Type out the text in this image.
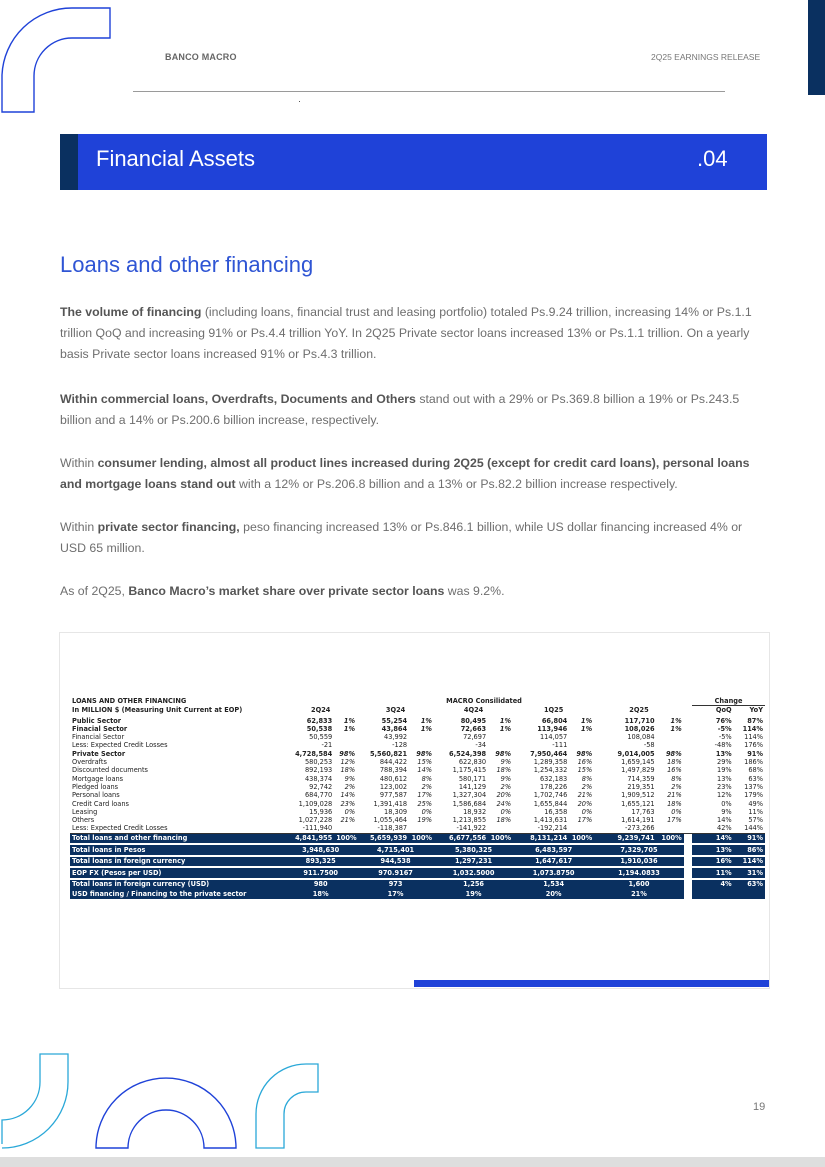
BANCO MACRO	2Q25 EARNINGS RELEASE
Financial Assets	.04
Loans and other financing
The volume of financing (including loans, financial trust and leasing portfolio) totaled Ps.9.24 trillion, increasing 14% or Ps.1.1 trillion QoQ and increasing 91% or Ps.4.4 trillion YoY. In 2Q25 Private sector loans increased 13% or Ps.1.1 trillion. On a yearly basis Private sector loans increased 91% or Ps.4.3 trillion.
Within commercial loans, Overdrafts, Documents and Others stand out with a 29% or Ps.369.8 billion a 19% or Ps.243.5 billion and a 14% or Ps.200.6 billion increase, respectively.
Within consumer lending, almost all product lines increased during 2Q25 (except for credit card loans), personal loans and mortgage loans stand out with a 12% or Ps.206.8 billion and a 13% or Ps.82.2 billion increase respectively.
Within private sector financing, peso financing increased 13% or Ps.846.1 billion, while US dollar financing increased 4% or USD 65 million.
As of 2Q25, Banco Macro’s market share over private sector loans was 9.2%.
LOANS AND OTHER FINANCING	MACRO Consilidated											Change	
In MILLION $ (Measuring Unit Current at EOP)	2Q24		3Q24		4Q24		1Q25		2Q25			QoQ	YoY

Public Sector	62,833	1%	55,254	1%	80,495	1%	66,804	1%	117,710	1%		76%	87%
Finacial Sector	50,538	1%	43,864	1%	72,663	1%	113,946	1%	108,026	1%		-5%	114%
Financial Sector	50,559		43,992		72,697		114,057		108,084			-5%	114%
Less: Expected Credit Losses	-21		-128		-34		-111		-58			-48%	176%
Private Sector	4,728,584	98%	5,560,821	98%	6,524,398	98%	7,950,464	98%	9,014,005	98%		13%	91%
Overdrafts	580,253	12%	844,422	15%	622,830	9%	1,289,358	16%	1,659,145	18%		29%	186%
Discounted documents	892,193	18%	788,394	14%	1,175,415	18%	1,254,332	15%	1,497,829	16%		19%	68%
Mortgage loans	438,374	9%	480,612	8%	580,171	9%	632,183	8%	714,359	8%		13%	63%
Pledged loans	92,742	2%	123,002	2%	141,129	2%	178,226	2%	219,351	2%		23%	137%
Personal loans	684,770	14%	977,587	17%	1,327,304	20%	1,702,746	21%	1,909,512	21%		12%	179%
Credit Card loans	1,109,028	23%	1,391,418	25%	1,586,684	24%	1,655,844	20%	1,655,121	18%		0%	49%
Leasing	15,936	0%	18,309	0%	18,932	0%	16,358	0%	17,763	0%		9%	11%
Others	1,027,228	21%	1,055,464	19%	1,213,855	18%	1,413,631	17%	1,614,191	17%		14%	57%
Less: Expected Credit Losses	-111,940		-118,387		-141,922		-192,214		-273,266			42%	144%
Total loans and other financing	4,841,955	100%	5,659,939	100%	6,677,556	100%	8,131,214	100%	9,239,741	100%		14%	91%

Total loans in Pesos	3,948,630		4,715,401		5,380,325		6,483,597		7,329,705			13%	86%

Total loans in foreign currency	893,325		944,538		1,297,231		1,647,617		1,910,036			16%	114%

EOP FX (Pesos per USD)	911.7500		970.9167		1,032.5000		1,073.8750		1,194.0833			11%	31%

Total loans in foreign currency (USD)	980		973		1,256		1,534		1,600			4%	63%
USD financing / Financing to the private sector	18%		17%		19%		20%		21%				
19
